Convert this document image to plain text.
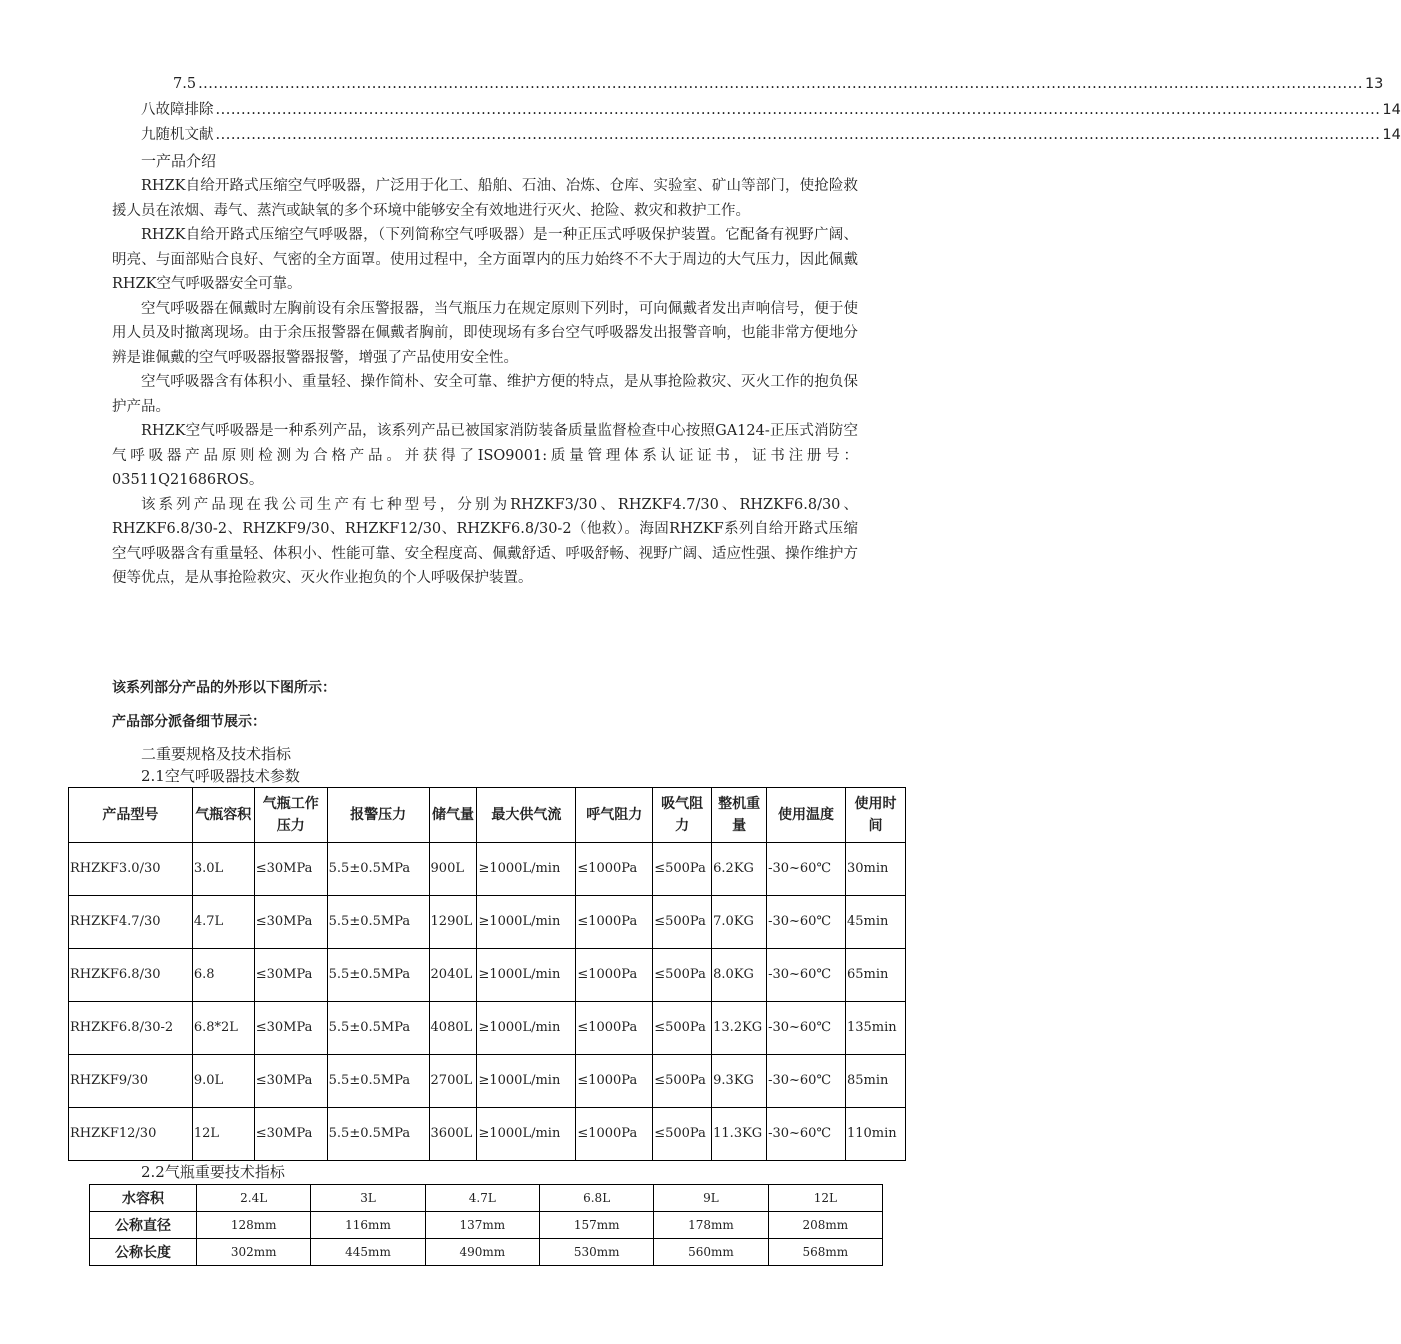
7.5 .................................................................................................................................................................................................................................... 13
八故障排除 .................................................................................................................................................................................................................................... 14
九随机文献 .................................................................................................................................................................................................................................... 14
一产品介绍

RHZK自给开路式压缩空气呼吸器，广泛用于化工、船舶、石油、冶炼、仓库、实验室、矿山等部门，使抢险救援人员在浓烟、毒气、蒸汽或缺氧的多个环境中能够安全有效地进行灭火、抢险、救灾和救护工作。

RHZK自给开路式压缩空气呼吸器，（下列简称空气呼吸器）是一种正压式呼吸保护装置。它配备有视野广阔、明亮、与面部贴合良好、气密的全方面罩。使用过程中，全方面罩内的压力始终不不大于周边的大气压力，因此佩戴RHZK空气呼吸器安全可靠。

空气呼吸器在佩戴时左胸前设有余压警报器，当气瓶压力在规定原则下列时，可向佩戴者发出声响信号，便于使用人员及时撤离现场。由于余压报警器在佩戴者胸前，即使现场有多台空气呼吸器发出报警音响，也能非常方便地分辨是谁佩戴的空气呼吸器报警器报警，增强了产品使用安全性。

空气呼吸器含有体积小、重量轻、操作简朴、安全可靠、维护方便的特点，是从事抢险救灾、灭火工作的抱负保护产品。

RHZK空气呼吸器是一种系列产品，该系列产品已被国家消防装备质量监督检查中心按照GA124-正压式消防空气呼吸器产品原则检测为合格产品。并获得了ISO9001:质量管理体系认证证书，证书注册号：03511Q21686ROS。

该系列产品现在我公司生产有七种型号，分别为RHZKF3/30、RHZKF4.7/30、RHZKF6.8/30、RHZKF6.8/30-2、RHZKF9/30、RHZKF12/30、RHZKF6.8/30-2（他救）。海固RHZKF系列自给开路式压缩空气呼吸器含有重量轻、体积小、性能可靠、安全程度高、佩戴舒适、呼吸舒畅、视野广阔、适应性强、操作维护方便等优点，是从事抢险救灾、灭火作业抱负的个人呼吸保护装置。

该系列部分产品的外形以下图所示：
产品部分派备细节展示：
二重要规格及技术指标
2.1空气呼吸器技术参数
产品型号	气瓶容积	气瓶工作压力	报警压力	储气量	最大供气流	呼气阻力	吸气阻力	整机重量	使用温度	使用时间
RHZKF3.0/30	3.0L	≤30MPa	5.5±0.5MPa	900L	≥1000L/min	≤1000Pa	≤500Pa	6.2KG	-30~60℃	30min
RHZKF4.7/30	4.7L	≤30MPa	5.5±0.5MPa	1290L	≥1000L/min	≤1000Pa	≤500Pa	7.0KG	-30~60℃	45min
RHZKF6.8/30	6.8	≤30MPa	5.5±0.5MPa	2040L	≥1000L/min	≤1000Pa	≤500Pa	8.0KG	-30~60℃	65min
RHZKF6.8/30-2	6.8*2L	≤30MPa	5.5±0.5MPa	4080L	≥1000L/min	≤1000Pa	≤500Pa	13.2KG	-30~60℃	135min
RHZKF9/30	9.0L	≤30MPa	5.5±0.5MPa	2700L	≥1000L/min	≤1000Pa	≤500Pa	9.3KG	-30~60℃	85min
RHZKF12/30	12L	≤30MPa	5.5±0.5MPa	3600L	≥1000L/min	≤1000Pa	≤500Pa	11.3KG	-30~60℃	110min
2.2气瓶重要技术指标
水容积	2.4L	3L	4.7L	6.8L	9L	12L
公称直径	128mm	116mm	137mm	157mm	178mm	208mm
公称长度	302mm	445mm	490mm	530mm	560mm	568mm
